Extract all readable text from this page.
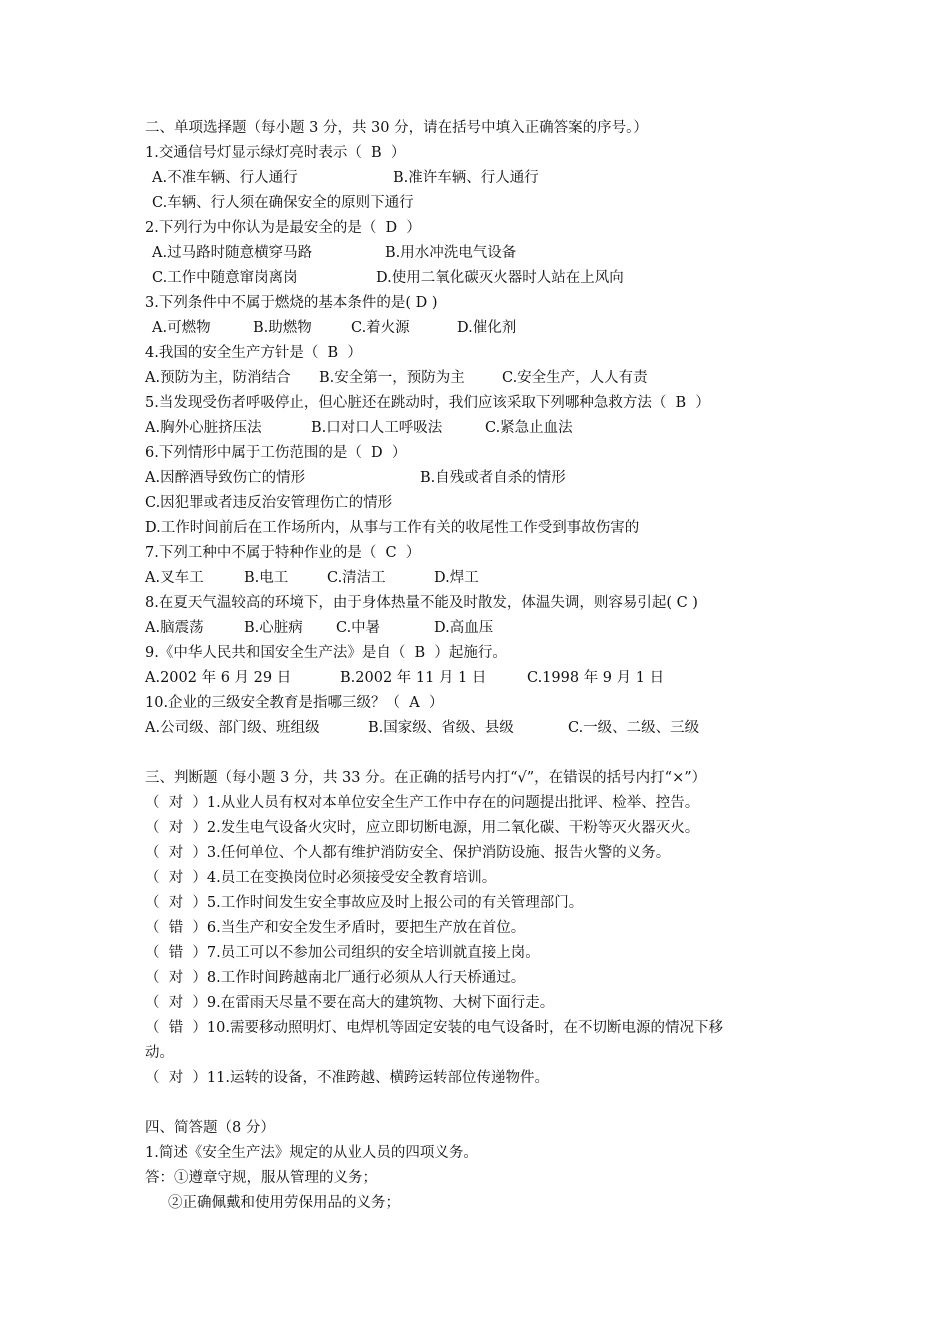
二、单项选择题（每小题 3 分，共 30 分，请在括号中填入正确答案的序号。）
1.交通信号灯显示绿灯亮时表示（  B  ）
A.不准车辆、行人通行	B.准许车辆、行人通行
C.车辆、行人须在确保安全的原则下通行
2.下列行为中你认为是最安全的是（  D  ）
A.过马路时随意横穿马路	B.用水冲洗电气设备
C.工作中随意窜岗离岗	D.使用二氧化碳灭火器时人站在上风向
3.下列条件中不属于燃烧的基本条件的是( D )
A.可燃物	B.助燃物	C.着火源	D.催化剂
4.我国的安全生产方针是（  B  ）
A.预防为主，防消结合 B.安全第一，预防为主	C.安全生产，人人有责
5.当发现受伤者呼吸停止，但心脏还在跳动时，我们应该采取下列哪种急救方法（  B  ）
A.胸外心脏挤压法	B.口对口人工呼吸法	C.紧急止血法
6.下列情形中属于工伤范围的是（  D  ）
A.因醉酒导致伤亡的情形	B.自残或者自杀的情形
C.因犯罪或者违反治安管理伤亡的情形
D.工作时间前后在工作场所内，从事与工作有关的收尾性工作受到事故伤害的
7.下列工种中不属于特种作业的是（  C  ）
A.叉车工	B.电工	C.清洁工	D.焊工
8.在夏天气温较高的环境下，由于身体热量不能及时散发，体温失调，则容易引起( C )
A.脑震荡	B.心脏病 C.中暑	D.高血压
9.《中华人民共和国安全生产法》是自（  B  ）起施行。
A.2002 年 6 月 29 日	B.2002 年 11 月 1 日	C.1998 年 9 月 1 日
10.企业的三级安全教育是指哪三级？（  A  ）
A.公司级、部门级、班组级	B.国家级、省级、县级	C.一级、二级、三级
三、判断题（每小题 3 分，共 33 分。在正确的括号内打“√”，在错误的括号内打“×”）
（  对  ）1.从业人员有权对本单位安全生产工作中存在的问题提出批评、检举、控告。
（  对  ）2.发生电气设备火灾时，应立即切断电源，用二氧化碳、干粉等灭火器灭火。
（  对  ）3.任何单位、个人都有维护消防安全、保护消防设施、报告火警的义务。
（  对  ）4.员工在变换岗位时必须接受安全教育培训。
（  对  ）5.工作时间发生安全事故应及时上报公司的有关管理部门。
（  错  ）6.当生产和安全发生矛盾时，要把生产放在首位。
（  错  ）7.员工可以不参加公司组织的安全培训就直接上岗。
（  对  ）8.工作时间跨越南北厂通行必须从人行天桥通过。
（  对  ）9.在雷雨天尽量不要在高大的建筑物、大树下面行走。
（  错  ）10.需要移动照明灯、电焊机等固定安装的电气设备时，在不切断电源的情况下移
动。
（  对  ）11.运转的设备，不准跨越、横跨运转部位传递物件。
四、简答题（8 分）
1.简述《安全生产法》规定的从业人员的四项义务。
答：①遵章守规，服从管理的义务；
②正确佩戴和使用劳保用品的义务；
